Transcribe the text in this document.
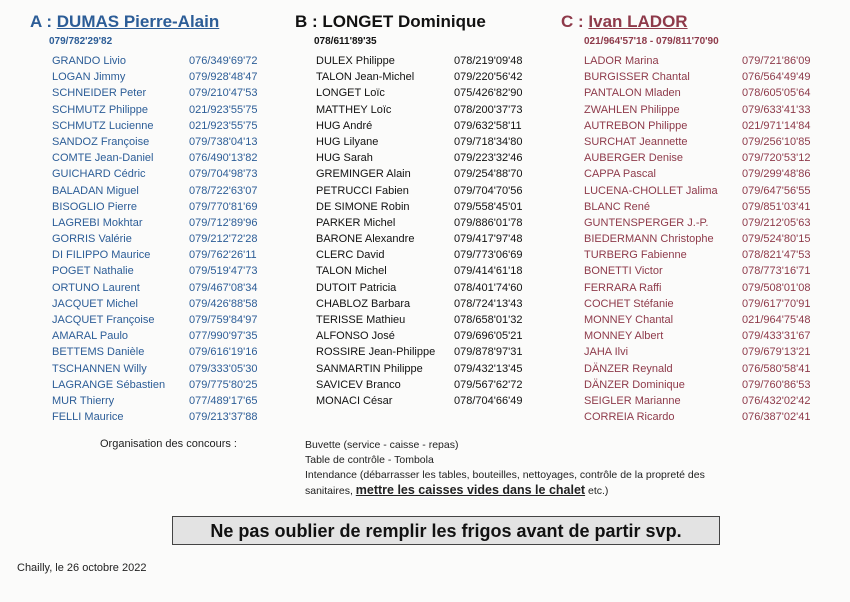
A : DUMAS Pierre-Alain
079/782'29'82
GRANDO Livio	076/349'69'72
LOGAN Jimmy	079/928'48'47
SCHNEIDER Peter	079/210'47'53
SCHMUTZ Philippe	021/923'55'75
SCHMUTZ Lucienne	021/923'55'75
SANDOZ Françoise	079/738'04'13
COMTE Jean-Daniel	076/490'13'82
GUICHARD Cédric	079/704'98'73
BALADAN Miguel	078/722'63'07
BISOGLIO Pierre	079/770'81'69
LAGREBI Mokhtar	079/712'89'96
GORRIS Valérie	079/212'72'28
DI FILIPPO Maurice	079/762'26'11
POGET Nathalie	079/519'47'73
ORTUNO Laurent	079/467'08'34
JACQUET Michel	079/426'88'58
JACQUET Françoise	079/759'84'97
AMARAL Paulo	077/990'97'35
BETTEMS Danièle	079/616'19'16
TSCHANNEN Willy	079/333'05'30
LAGRANGE Sébastien 079/775'80'25
MUR Thierry	077/489'17'65
FELLI Maurice	079/213'37'88
B : LONGET Dominique
078/611'89'35
DULEX Philippe	078/219'09'48
TALON Jean-Michel	079/220'56'42
LONGET Loïc	075/426'82'90
MATTHEY Loïc	078/200'37'73
HUG André	079/632'58'11
HUG Lilyane	079/718'34'80
HUG Sarah	079/223'32'46
GREMINGER Alain	079/254'88'70
PETRUCCI Fabien	079/704'70'56
DE SIMONE Robin	079/558'45'01
PARKER Michel	079/886'01'78
BARONE Alexandre	079/417'97'48
CLERC David	079/773'06'69
TALON Michel	079/414'61'18
DUTOIT Patricia	078/401'74'60
CHABLOZ Barbara	078/724'13'43
TERISSE Mathieu	078/658'01'32
ALFONSO José	079/696'05'21
ROSSIRE Jean-Philippe 079/878'97'31
SANMARTIN Philippe	079/432'13'45
SAVICEV Branco	079/567'62'72
MONACI César	078/704'66'49
C : Ivan LADOR
021/964'57'18 - 079/811'70'90
LADOR Marina	079/721'86'09
BURGISSER Chantal	076/564'49'49
PANTALON Mladen	078/605'05'64
ZWAHLEN Philippe	079/633'41'33
AUTREBON Philippe	021/971'14'84
SURCHAT Jeannette	079/256'10'85
AUBERGER Denise	079/720'53'12
CAPPA Pascal	079/299'48'86
LUCENA-CHOLLET Jalima 079/647'56'55
BLANC René	079/851'03'41
GUNTENSPERGER J.-P.	079/212'05'63
BIEDERMANN Christophe	079/524'80'15
TURBERG Fabienne	078/821'47'53
BONETTI Victor	078/773'16'71
FERRARA Raffi	079/508'01'08
COCHET Stéfanie	079/617'70'91
MONNEY Chantal	021/964'75'48
MONNEY Albert	079/433'31'67
JAHA Ilvi	079/679'13'21
DÄNZER Reynald	076/580'58'41
DÄNZER Dominique	079/760'86'53
SEIGLER Marianne	076/432'02'42
CORREIA Ricardo	076/387'02'41
Organisation des concours :	Buvette (service - caisse - repas)
Table de contrôle - Tombola
Intendance (débarrasser les tables, bouteilles, nettoyages, contrôle de la propreté des
sanitaires, mettre les caisses vides dans le chalet etc.)
Ne pas oublier de remplir les frigos avant de partir svp.
Chailly, le 26 octobre 2022
